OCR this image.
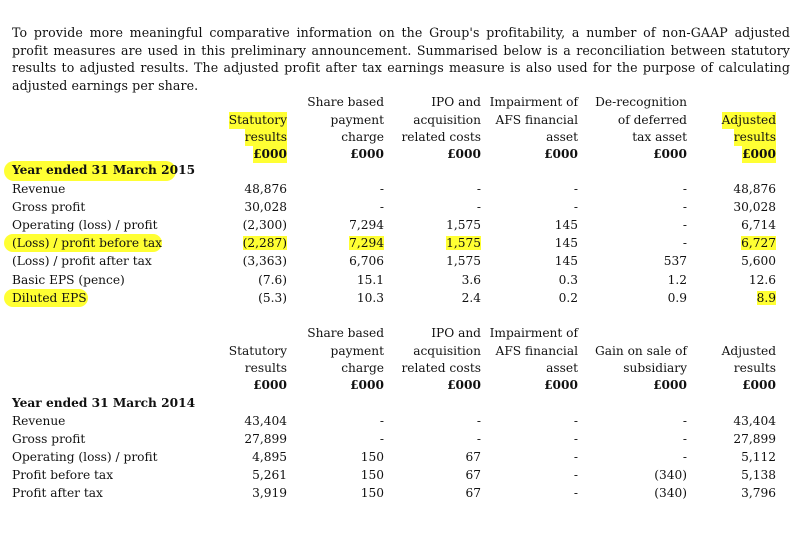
To provide more meaningful comparative information on the Group's profitability, a number of non-GAAP adjusted profit measures are used in this preliminary announcement. Summarised below is a reconciliation between statutory results to adjusted results. The adjusted profit after tax earnings measure is also used for the purpose of calculating adjusted earnings per share.

Statutory
results
£000
Share based
payment
charge
£000
IPO and
acquisition
related costs
£000
Impairment of
AFS financial
asset
£000
De-recognition
of deferred
tax asset
£000
Adjusted
results
£000
Year ended 31 March 2015
Revenue	48,876	-	-	-	-	48,876
Gross profit	30,028	-	-	-	-	30,028
Operating (loss) / profit	(2,300)	7,294	1,575	145	-	6,714
(Loss) / profit before tax	(2,287)	7,294	1,575	145	-	6,727
(Loss) / profit after tax	(3,363)	6,706	1,575	145	537	5,600
Basic EPS (pence)	(7.6)	15.1	3.6	0.3	1.2	12.6
Diluted EPS	(5.3)	10.3	2.4	0.2	0.9	8.9
Statutory
results
£000
Share based
payment
charge
£000
IPO and
acquisition
related costs
£000
Impairment of
AFS financial
asset
£000
Gain on sale of
subsidiary
£000
Adjusted
results
£000
Year ended 31 March 2014
Revenue	43,404	-	-	-	-	43,404
Gross profit	27,899	-	-	-	-	27,899
Operating (loss) / profit	4,895	150	67	-	-	5,112
Profit before tax	5,261	150	67	-	(340)	5,138
Profit after tax	3,919	150	67	-	(340)	3,796
